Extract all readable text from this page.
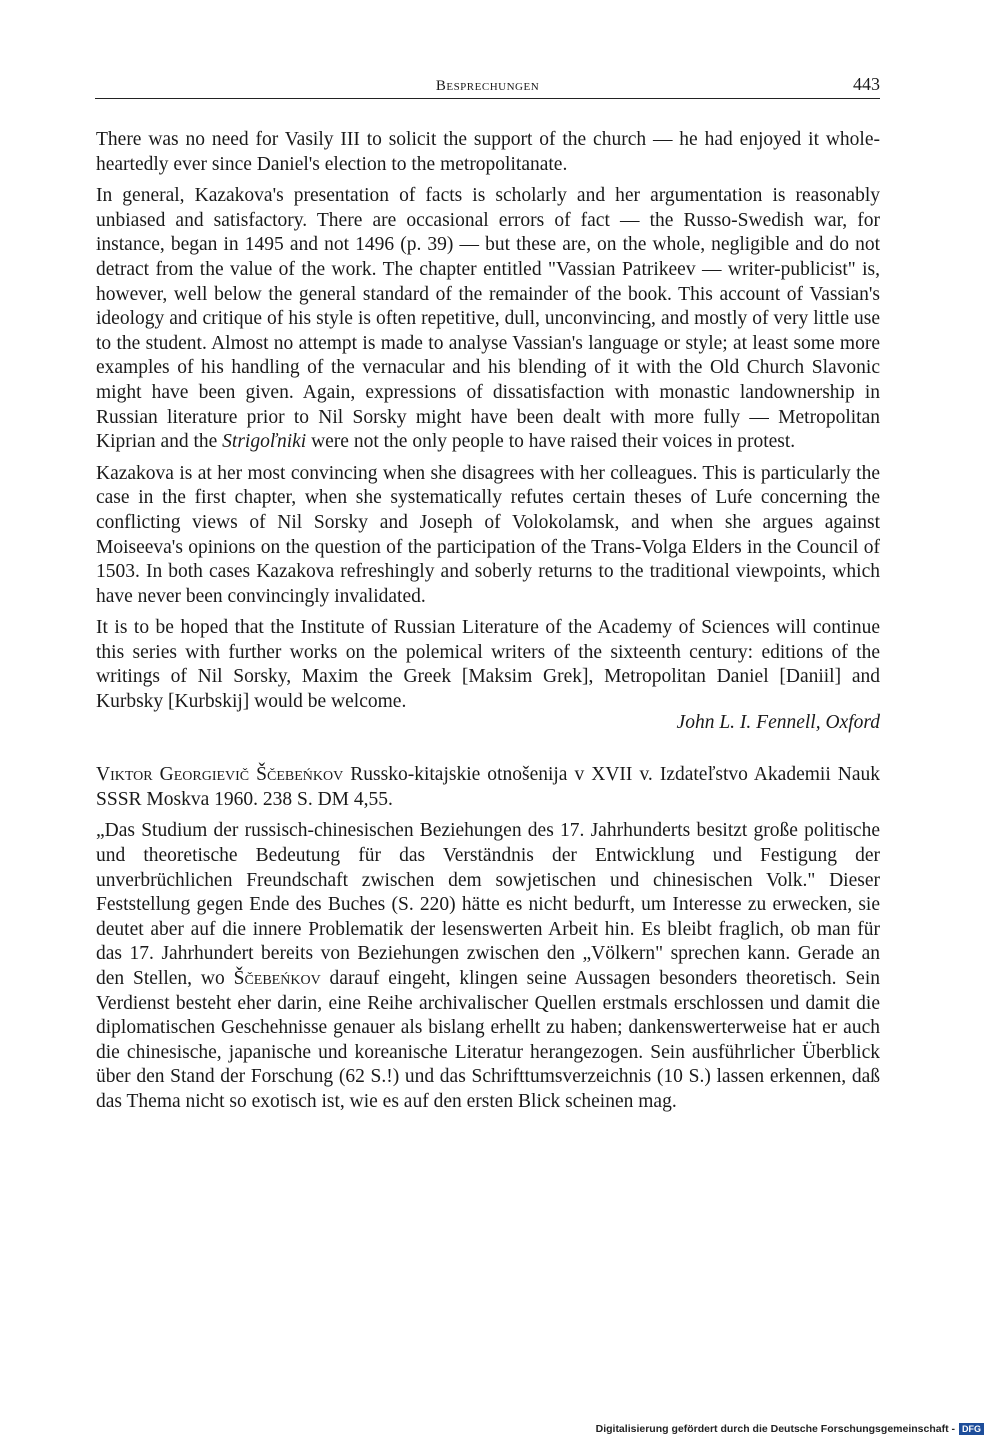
Besprechungen	443

There was no need for Vasily III to solicit the support of the church — he had enjoyed it whole-heartedly ever since Daniel's election to the metropolitanate.

In general, Kazakova's presentation of facts is scholarly and her argumentation is reasonably unbiased and satisfactory. There are occasional errors of fact — the Russo-Swedish war, for instance, began in 1495 and not 1496 (p. 39) — but these are, on the whole, negligible and do not detract from the value of the work. The chapter entitled "Vassian Patrikeev — writer-publicist" is, however, well below the general standard of the remainder of the book. This account of Vassian's ideology and critique of his style is often repetitive, dull, unconvincing, and mostly of very little use to the student. Almost no attempt is made to analyse Vassian's language or style; at least some more examples of his handling of the vernacular and his blending of it with the Old Church Slavonic might have been given. Again, expressions of dissatisfaction with monastic landownership in Russian literature prior to Nil Sorsky might have been dealt with more fully — Metropolitan Kiprian and the Strigoľniki were not the only people to have raised their voices in protest.

Kazakova is at her most convincing when she disagrees with her colleagues. This is particularly the case in the first chapter, when she systematically refutes certain theses of Luŕe concerning the conflicting views of Nil Sorsky and Joseph of Volokolamsk, and when she argues against Moiseeva's opinions on the question of the participation of the Trans-Volga Elders in the Council of 1503. In both cases Kazakova refreshingly and soberly returns to the traditional viewpoints, which have never been convincingly invalidated.

It is to be hoped that the Institute of Russian Literature of the Academy of Sciences will continue this series with further works on the polemical writers of the sixteenth century: editions of the writings of Nil Sorsky, Maxim the Greek [Maksim Grek], Metropolitan Daniel [Daniil] and Kurbsky [Kurbskij] would be welcome.
John L. I. Fennell, Oxford

Viktor Georgievič Ščebeńkov Russko-kitajskie otnošenija v XVII v. Izdateľstvo Akademii Nauk SSSR Moskva 1960. 238 S. DM 4,55.

„Das Studium der russisch-chinesischen Beziehungen des 17. Jahrhunderts besitzt große politische und theoretische Bedeutung für das Verständnis der Entwicklung und Festigung der unverbrüchlichen Freundschaft zwischen dem sowjetischen und chinesischen Volk." Dieser Feststellung gegen Ende des Buches (S. 220) hätte es nicht bedurft, um Interesse zu erwecken, sie deutet aber auf die innere Problematik der lesenswerten Arbeit hin. Es bleibt fraglich, ob man für das 17. Jahrhundert bereits von Beziehungen zwischen den „Völkern" sprechen kann. Gerade an den Stellen, wo Ščebeńkov darauf eingeht, klingen seine Aussagen besonders theoretisch. Sein Verdienst besteht eher darin, eine Reihe archivalischer Quellen erstmals erschlossen und damit die diplomatischen Geschehnisse genauer als bislang erhellt zu haben; dankenswerterweise hat er auch die chinesische, japanische und koreanische Literatur herangezogen. Sein ausführlicher Überblick über den Stand der Forschung (62 S.!) und das Schrifttumsverzeichnis (10 S.) lassen erkennen, daß das Thema nicht so exotisch ist, wie es auf den ersten Blick scheinen mag.

Digitalisierung gefördert durch die Deutsche Forschungsgemeinschaft - DFG
